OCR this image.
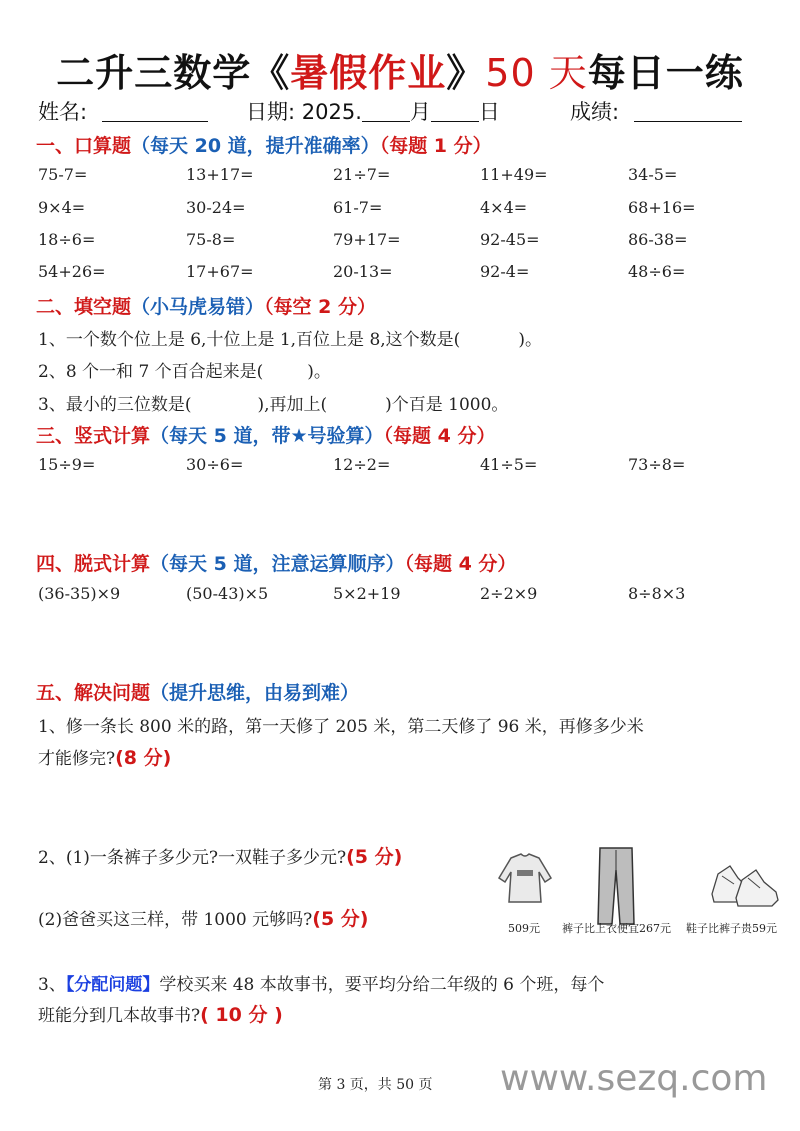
二升三数学《暑假作业》50 天每日一练
姓名:	日期: 2025. 月 日	成绩:
一、口算题（每天 20 道，提升准确率）（每题 1 分）
75-7=	13+17=	21÷7=	11+49=	34-5=
9×4=	30-24=	61-7=	4×4=	68+16=
18÷6=	75-8=	79+17=	92-45=	86-38=
54+26=	17+67=	20-13=	92-4=	48÷6=
二、填空题（小马虎易错）（每空 2 分）
1、一个数个位上是 6,十位上是 1,百位上是 8,这个数是(	)。
2、8 个一和 7 个百合起来是(	)。
3、最小的三位数是(	),再加上(	)个百是 1000。
三、竖式计算（每天 5 道，带★号验算）（每题 4 分）
15÷9=	30÷6=	12÷2=	41÷5=	73÷8=
四、脱式计算（每天 5 道，注意运算顺序）（每题 4 分）
(36-35)×9	(50-43)×5	5×2+19	2÷2×9	8÷8×3
五、解决问题（提升思维，由易到难）
1、修一条长 800 米的路，第一天修了 205 米，第二天修了 96 米，再修多少米
才能修完?(8 分)
2、(1)一条裤子多少元?一双鞋子多少元?(5 分)
(2)爸爸买这三样，带 1000 元够吗?(5 分)	509元 裤子比上衣便宜267元 鞋子比裤子贵59元
3、【分配问题】学校买来 48 本故事书，要平均分给二年级的 6 个班，每个
班能分到几本故事书?( 10 分 )
第 3 页，共 50 页 www.sezq.com
